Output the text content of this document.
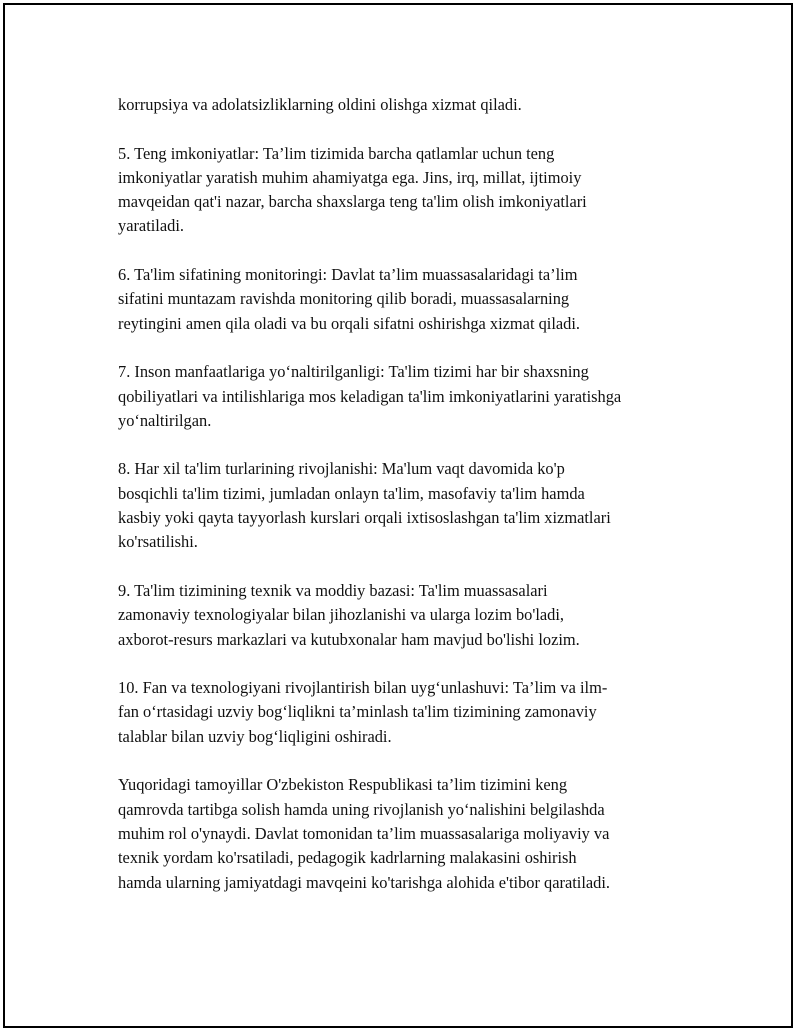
korrupsiya va adolatsizliklarning oldini olishga xizmat qiladi.

5. Teng imkoniyatlar: Ta’lim tizimida barcha qatlamlar uchun teng
imkoniyatlar yaratish muhim ahamiyatga ega. Jins, irq, millat, ijtimoiy
mavqeidan qat'i nazar, barcha shaxslarga teng ta'lim olish imkoniyatlari
yaratiladi.

6. Ta'lim sifatining monitoringi: Davlat ta’lim muassasalaridagi ta’lim
sifatini muntazam ravishda monitoring qilib boradi, muassasalarning
reytingini amen qila oladi va bu orqali sifatni oshirishga xizmat qiladi.

7. Inson manfaatlariga yo‘naltirilganligi: Ta'lim tizimi har bir shaxsning
qobiliyatlari va intilishlariga mos keladigan ta'lim imkoniyatlarini yaratishga
yo‘naltirilgan.

8. Har xil ta'lim turlarining rivojlanishi: Ma'lum vaqt davomida ko'p
bosqichli ta'lim tizimi, jumladan onlayn ta'lim, masofaviy ta'lim hamda
kasbiy yoki qayta tayyorlash kurslari orqali ixtisoslashgan ta'lim xizmatlari
ko'rsatilishi.

9. Ta'lim tizimining texnik va moddiy bazasi: Ta'lim muassasalari
zamonaviy texnologiyalar bilan jihozlanishi va ularga lozim bo'ladi,
axborot-resurs markazlari va kutubxonalar ham mavjud bo'lishi lozim.

10. Fan va texnologiyani rivojlantirish bilan uyg‘unlashuvi: Ta’lim va ilm-
fan o‘rtasidagi uzviy bog‘liqlikni ta’minlash ta'lim tizimining zamonaviy
talablar bilan uzviy bog‘liqligini oshiradi.

Yuqoridagi tamoyillar O'zbekiston Respublikasi ta’lim tizimini keng
qamrovda tartibga solish hamda uning rivojlanish yo‘nalishini belgilashda
muhim rol o'ynaydi. Davlat tomonidan ta’lim muassasalariga moliyaviy va
texnik yordam ko'rsatiladi, pedagogik kadrlarning malakasini oshirish
hamda ularning jamiyatdagi mavqeini ko'tarishga alohida e'tibor qaratiladi.
